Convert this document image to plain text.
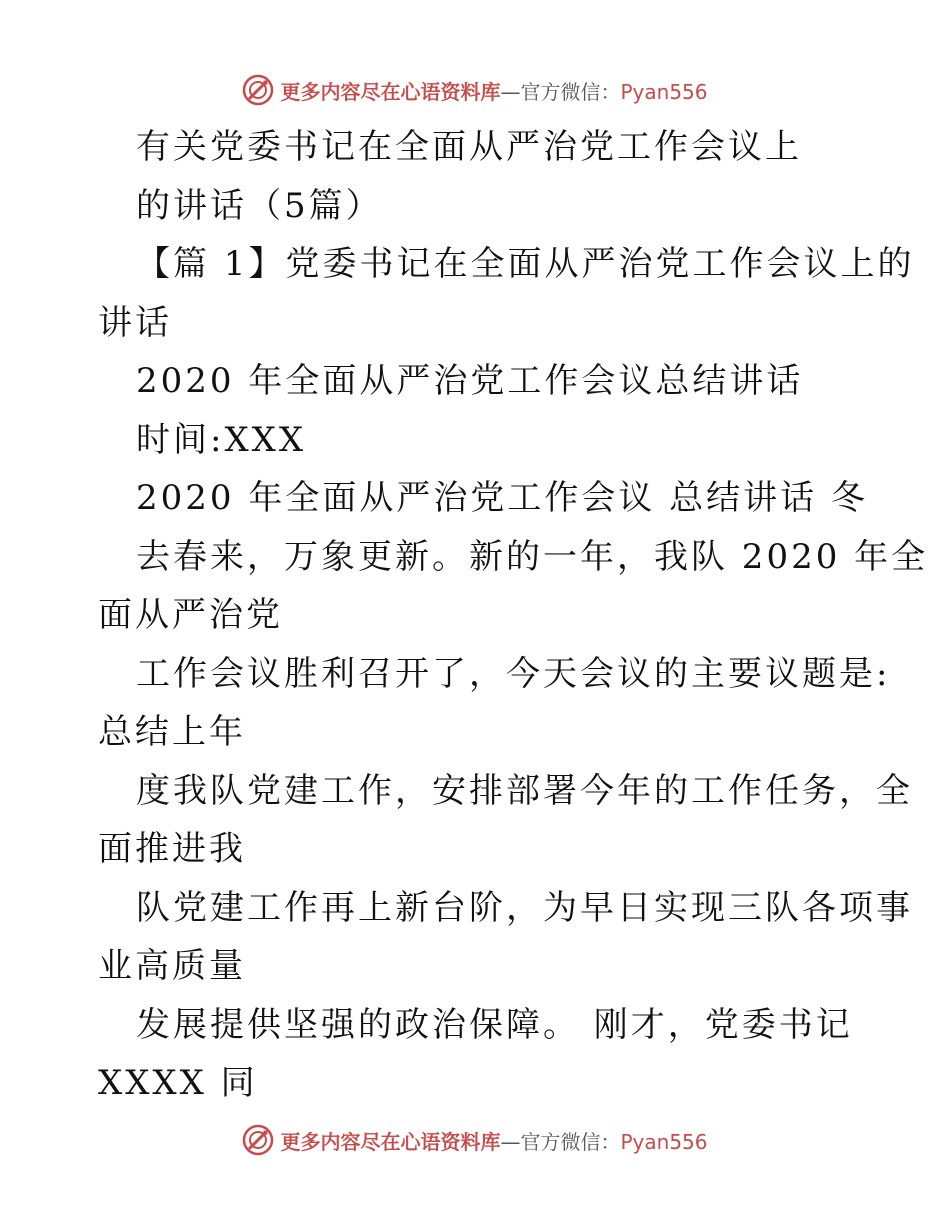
更多内容尽在心语资料库—官方微信：Pyan556
有关党委书记在全面从严治党工作会议上
的讲话（5篇）
【篇 1】党委书记在全面从严治党工作会议上的
讲话
2020 年全面从严治党工作会议总结讲话
时间:XXX
2020 年全面从严治党工作会议 总结讲话 冬
去春来，万象更新。新的一年，我队 2020 年全
面从严治党
工作会议胜利召开了，今天会议的主要议题是:
总结上年
度我队党建工作，安排部署今年的工作任务，全
面推进我
队党建工作再上新台阶，为早日实现三队各项事
业高质量
发展提供坚强的政治保障。 刚才，党委书记
XXXX 同
更多内容尽在心语资料库—官方微信：Pyan556
